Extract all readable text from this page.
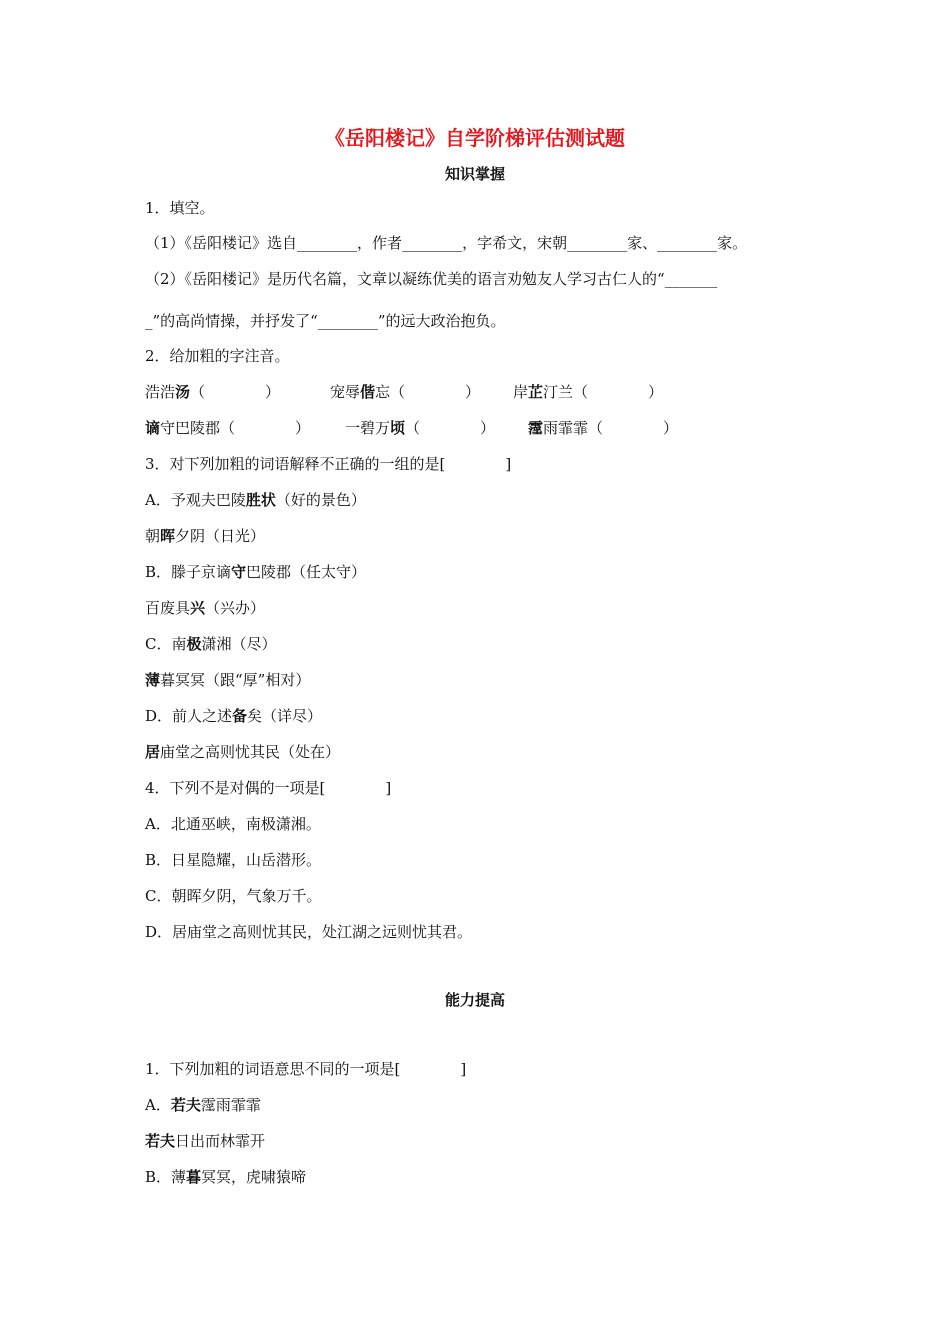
《岳阳楼记》自学阶梯评估测试题
知识掌握
1．填空。
（1）《岳阳楼记》选自________，作者________，字希文，宋朝________家、________家。
（2）《岳阳楼记》是历代名篇，文章以凝练优美的语言劝勉友人学习古仁人的“_______
_”的高尚情操，并抒发了“________”的远大政治抱负。
2．给加粗的字注音。
浩浩汤（　　　　）	宠辱偕忘（　　　　） 岸芷汀兰（　　　　）
谪守巴陵郡（　　　　） 一碧万顷（　　　　） 霪雨霏霏（　　　　）
3．对下列加粗的词语解释不正确的一组的是[　　　　]
A．予观夫巴陵胜状（好的景色）
朝晖夕阴（日光）
B．滕子京谪守巴陵郡（任太守）
百废具兴（兴办）
C．南极潇湘（尽）
薄暮冥冥（跟“厚”相对）
D．前人之述备矣（详尽）
居庙堂之高则忧其民（处在）
4．下列不是对偶的一项是[　　　　]
A．北通巫峡，南极潇湘。
B．日星隐耀，山岳潜形。
C．朝晖夕阴，气象万千。
D．居庙堂之高则忧其民，处江湖之远则忧其君。
能力提高
1．下列加粗的词语意思不同的一项是[　　　　]
A．若夫霪雨霏霏
若夫日出而林霏开
B．薄暮冥冥，虎啸猿啼
